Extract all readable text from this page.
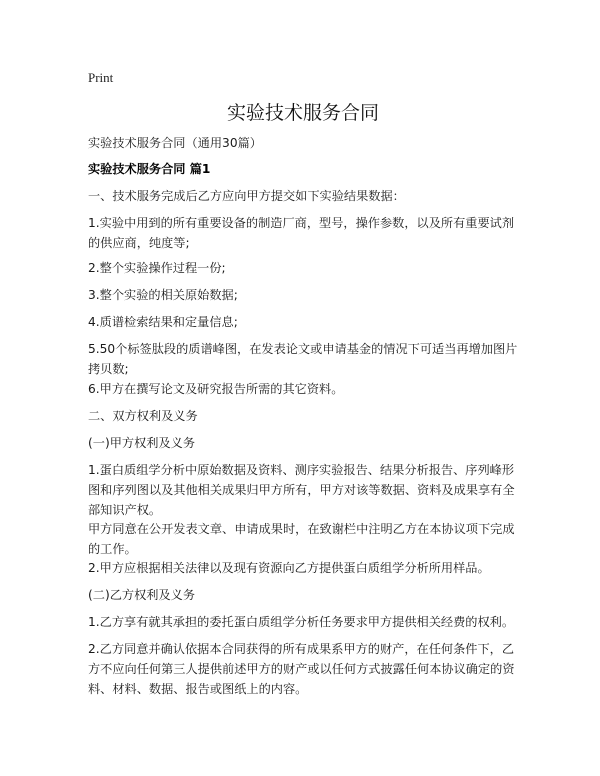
Print
实验技术服务合同

实验技术服务合同（通用30篇）

实验技术服务合同 篇1

一、技术服务完成后乙方应向甲方提交如下实验结果数据：

1.实验中用到的所有重要设备的制造厂商，型号，操作参数，以及所有重要试剂的供应商，纯度等;

2.整个实验操作过程一份;

3.整个实验的相关原始数据;

4.质谱检索结果和定量信息;

5.50个标签肽段的质谱峰图，在发表论文或申请基金的情况下可适当再增加图片拷贝数;

6.甲方在撰写论文及研究报告所需的其它资料。

二、双方权利及义务

(一)甲方权利及义务

1.蛋白质组学分析中原始数据及资料、测序实验报告、结果分析报告、序列峰形图和序列图以及其他相关成果归甲方所有，甲方对该等数据、资料及成果享有全部知识产权。

甲方同意在公开发表文章、申请成果时，在致谢栏中注明乙方在本协议项下完成的工作。

2.甲方应根据相关法律以及现有资源向乙方提供蛋白质组学分析所用样品。

(二)乙方权利及义务

1.乙方享有就其承担的委托蛋白质组学分析任务要求甲方提供相关经费的权利。

2.乙方同意并确认依据本合同获得的所有成果系甲方的财产，在任何条件下，乙方不应向任何第三人提供前述甲方的财产或以任何方式披露任何本协议确定的资料、材料、数据、报告或图纸上的内容。
